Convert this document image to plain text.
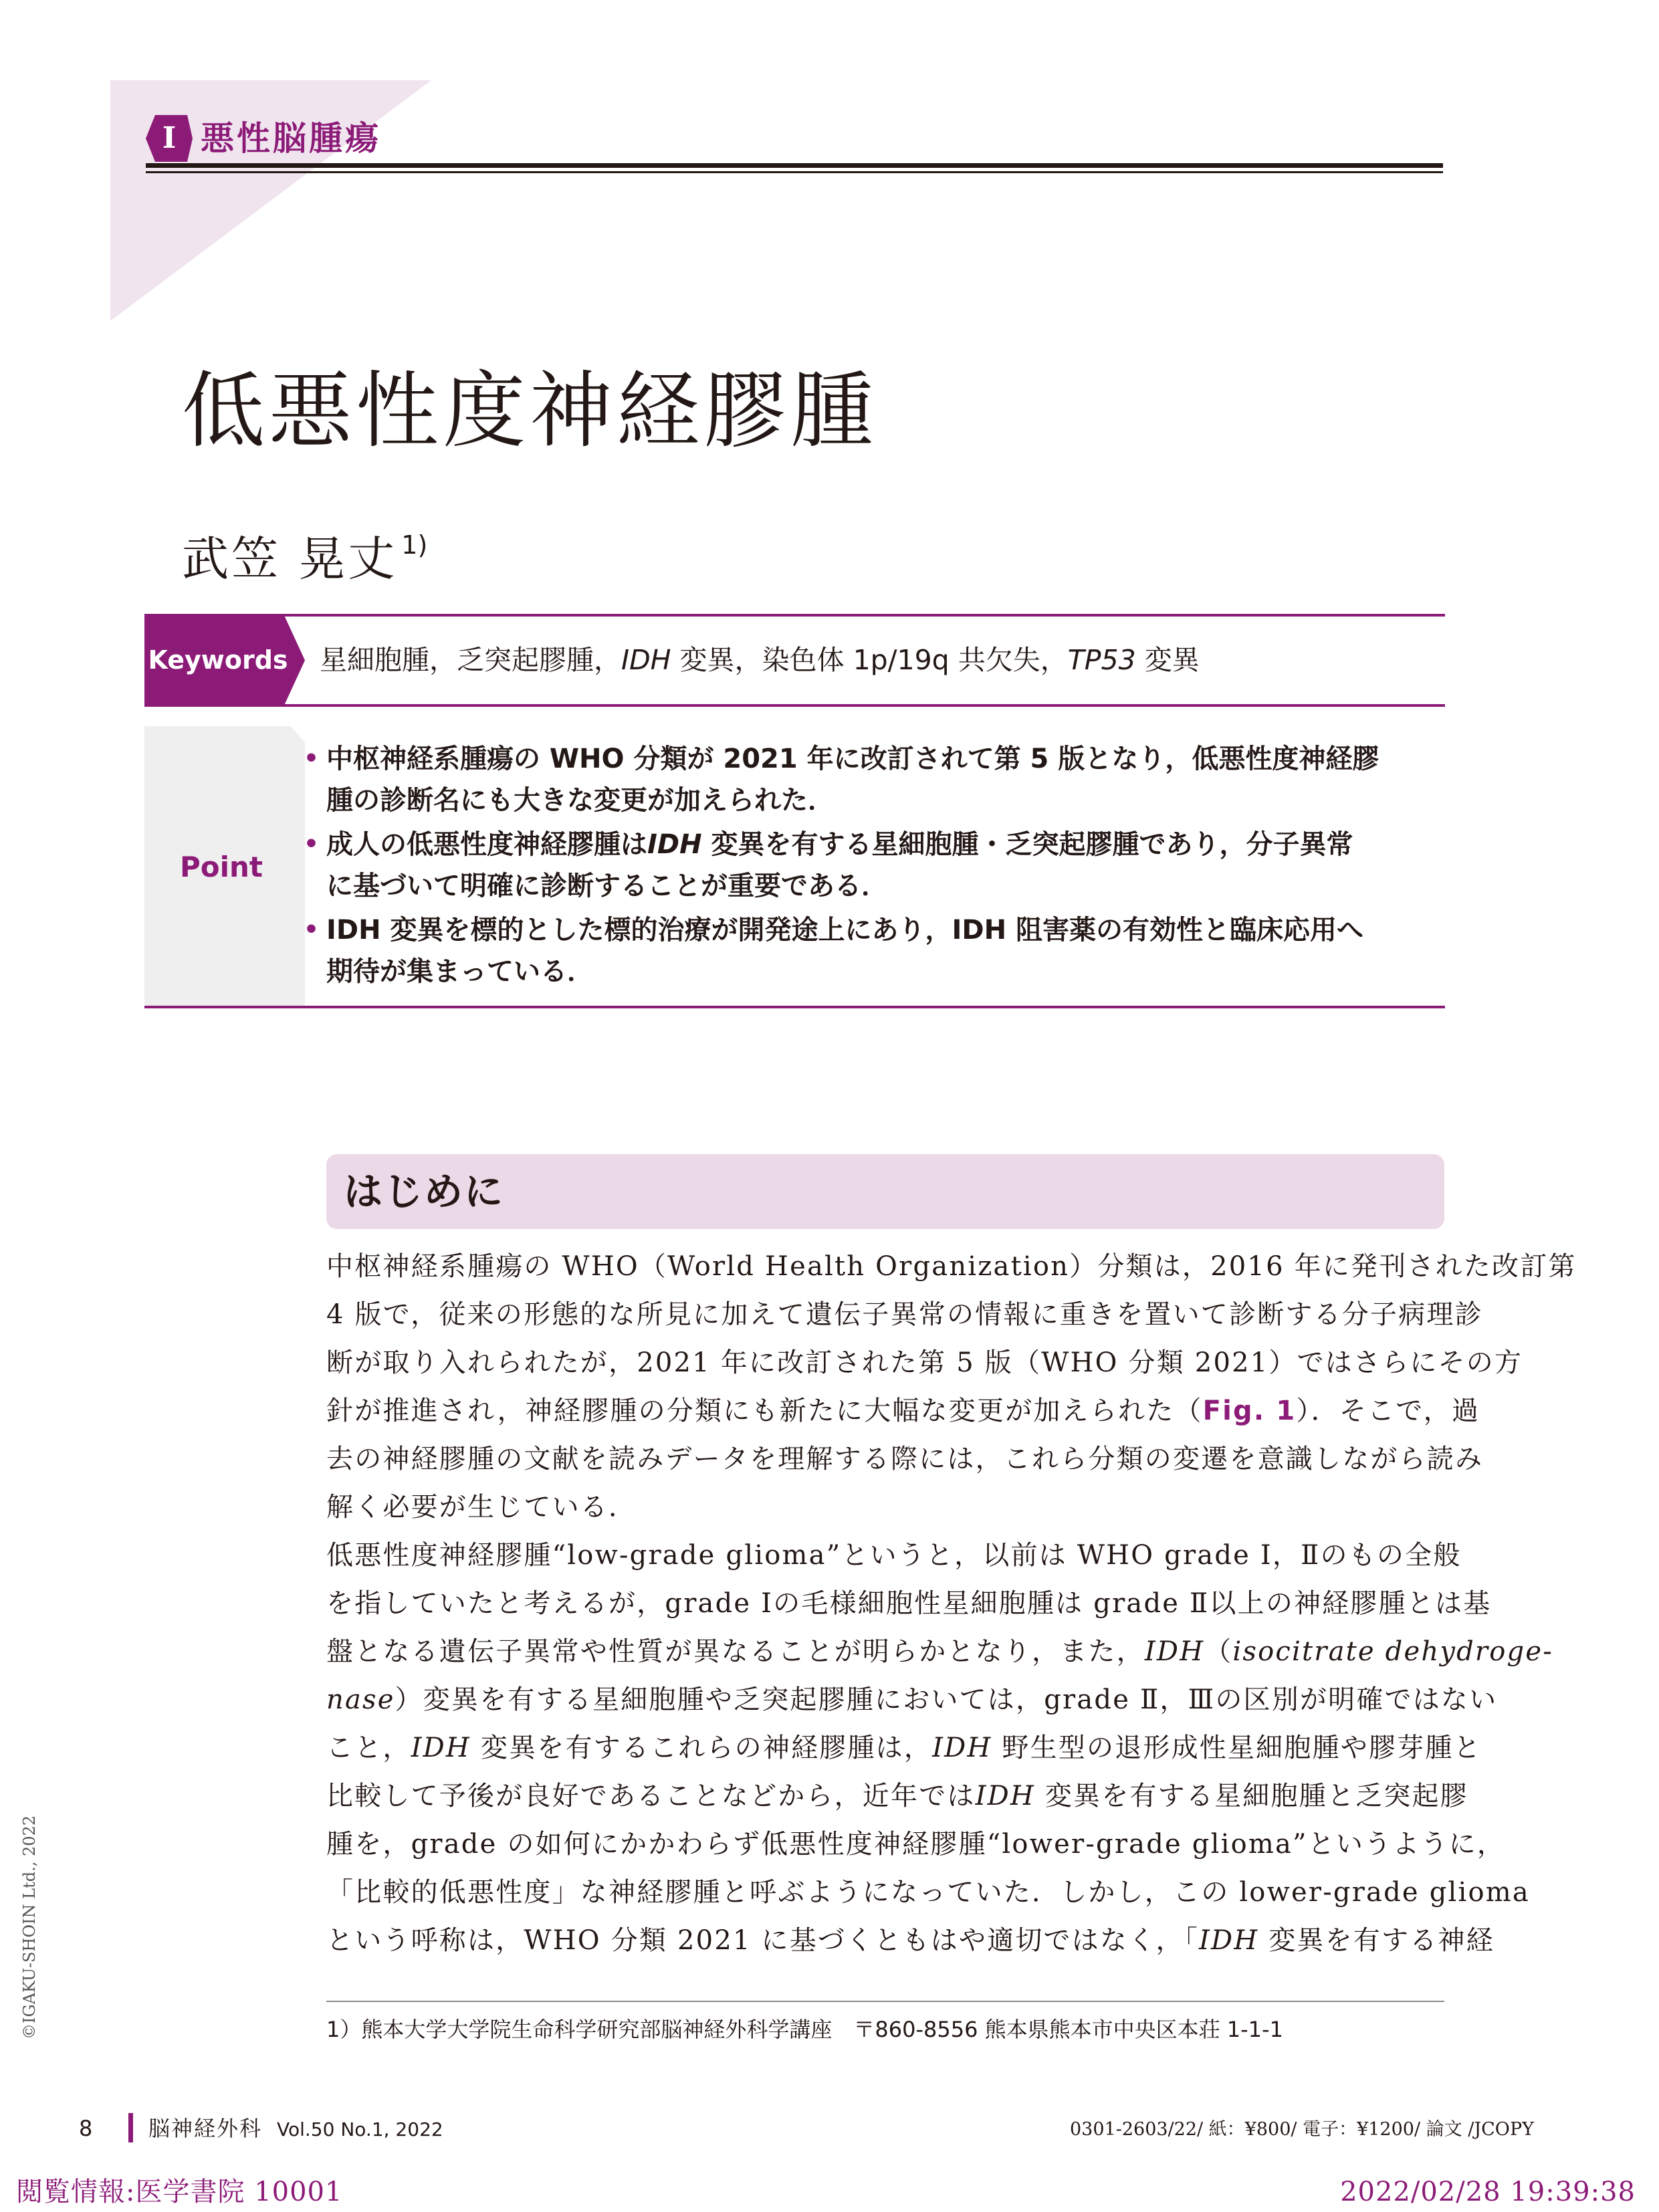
I 悪性脳腫瘍
低悪性度神経膠腫
武笠 晃丈 $^{1)}$
Keywords 星細胞腫，乏突起膠腫，IDH 変異，染色体 1p/19q 共欠失，TP53 変異
Point
• 中枢神経系腫瘍の WHO 分類が 2021 年に改訂されて第 5 版となり，低悪性度神経膠
腫の診断名にも大きな変更が加えられた．
• 成人の低悪性度神経膠腫はIDH 変異を有する星細胞腫・乏突起膠腫であり，分子異常
に基づいて明確に診断することが重要である．
• IDH 変異を標的とした標的治療が開発途上にあり，IDH 阻害薬の有効性と臨床応用へ
期待が集まっている．
はじめに
中枢神経系腫瘍の WHO（World Health Organization）分類は，2016 年に発刊された改訂第
4 版で，従来の形態的な所見に加えて遺伝子異常の情報に重きを置いて診断する分子病理診
断が取り入れられたが，2021 年に改訂された第 5 版（WHO 分類 2021）ではさらにその方
針が推進され，神経膠腫の分類にも新たに大幅な変更が加えられた（Fig. 1）．そこで，過
去の神経膠腫の文献を読みデータを理解する際には，これら分類の変遷を意識しながら読み
解く必要が生じている．
低悪性度神経膠腫“low-grade glioma”というと，以前は WHO grade Ⅰ，Ⅱのもの全般
を指していたと考えるが，grade Ⅰの毛様細胞性星細胞腫は grade Ⅱ以上の神経膠腫とは基
盤となる遺伝子異常や性質が異なることが明らかとなり，また，IDH（isocitrate dehydroge-
nase）変異を有する星細胞腫や乏突起膠腫においては，grade Ⅱ，Ⅲの区別が明確ではない
こと，IDH 変異を有するこれらの神経膠腫は，IDH 野生型の退形成性星細胞腫や膠芽腫と
比較して予後が良好であることなどから，近年ではIDH 変異を有する星細胞腫と乏突起膠
腫を，grade の如何にかかわらず低悪性度神経膠腫“lower-grade glioma”というように，
「比較的低悪性度」な神経膠腫と呼ぶようになっていた．しかし，この lower-grade glioma
という呼称は，WHO 分類 2021 に基づくともはや適切ではなく，「IDH 変異を有する神経
1）熊本大学大学院生命科学研究部脳神経外科学講座　〒860-8556 熊本県熊本市中央区本荘 1-1-1
8	脳神経外科 Vol.50 No.1, 2022	0301-2603/22/ 紙：¥800/ 電子：¥1200/ 論文 /JCOPY
©IGAKU-SHOIN Ltd., 2022
閲覧情報:医学書院 10001	2022/02/28 19:39:38
